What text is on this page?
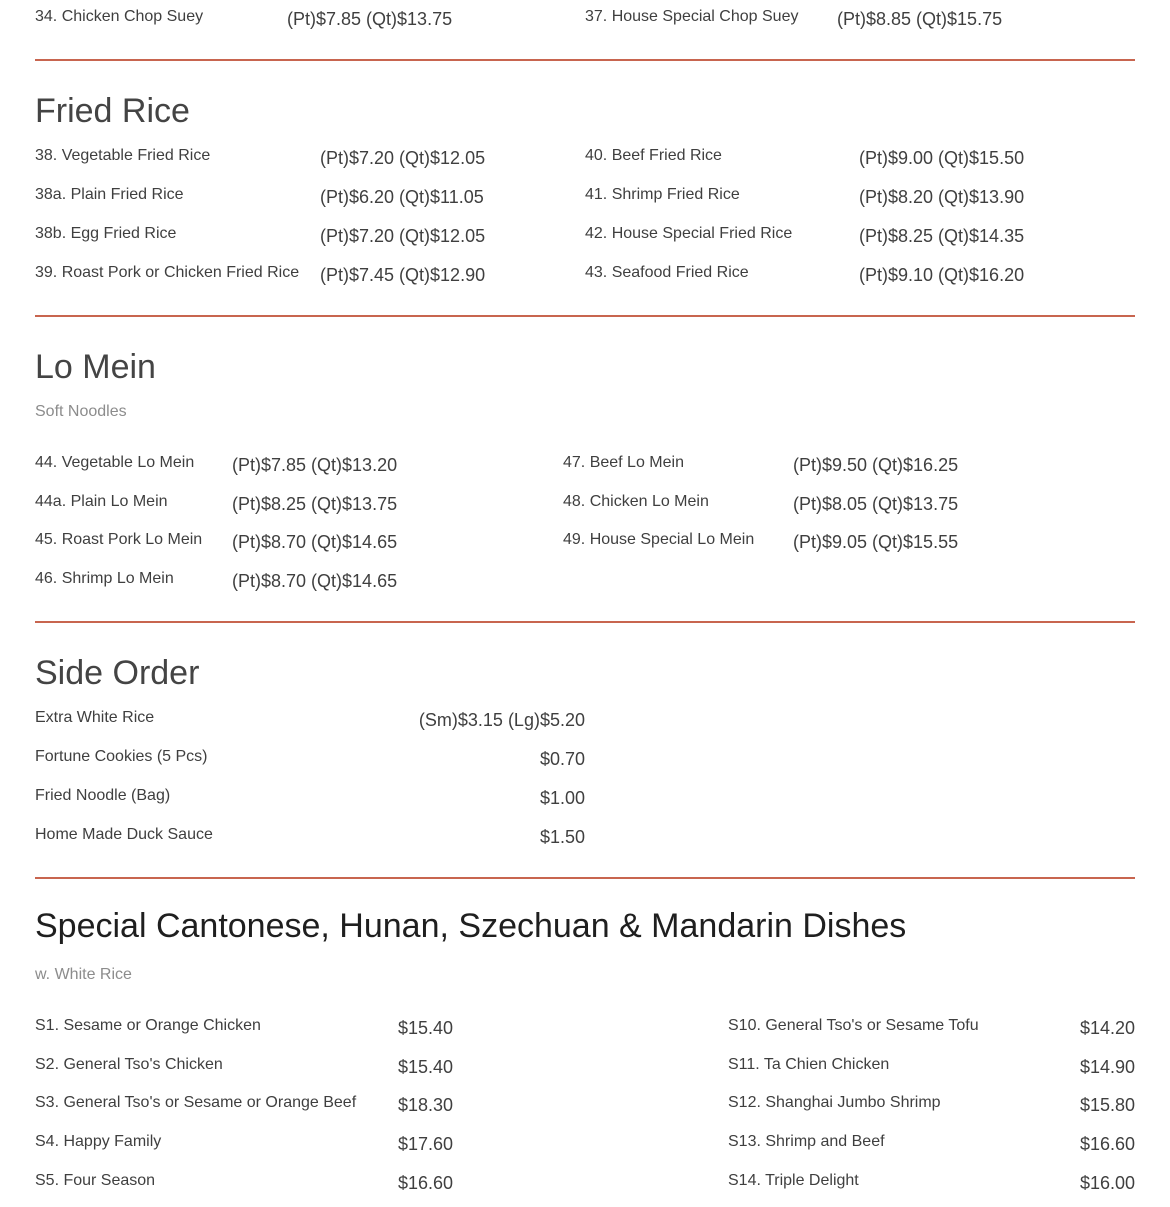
34. Chicken Chop Suey	(Pt)$7.85 (Qt)$13.75	37. House Special Chop Suey (Pt)$8.85 (Qt)$15.75
Fried Rice
38. Vegetable Fried Rice	(Pt)$7.20 (Qt)$12.05
38a. Plain Fried Rice	(Pt)$6.20 (Qt)$11.05
38b. Egg Fried Rice	(Pt)$7.20 (Qt)$12.05
39. Roast Pork or Chicken Fried Rice (Pt)$7.45 (Qt)$12.90
40. Beef Fried Rice	(Pt)$9.00 (Qt)$15.50
41. Shrimp Fried Rice	(Pt)$8.20 (Qt)$13.90
42. House Special Fried Rice	(Pt)$8.25 (Qt)$14.35
43. Seafood Fried Rice	(Pt)$9.10 (Qt)$16.20
Lo Mein
Soft Noodles
44. Vegetable Lo Mein (Pt)$7.85 (Qt)$13.20
44a. Plain Lo Mein	(Pt)$8.25 (Qt)$13.75
45. Roast Pork Lo Mein (Pt)$8.70 (Qt)$14.65
46. Shrimp Lo Mein	(Pt)$8.70 (Qt)$14.65
47. Beef Lo Mein	(Pt)$9.50 (Qt)$16.25
48. Chicken Lo Mein	(Pt)$8.05 (Qt)$13.75
49. House Special Lo Mein (Pt)$9.05 (Qt)$15.55
Side Order
Extra White Rice	(Sm)$3.15 (Lg)$5.20
Fortune Cookies (5 Pcs)	$0.70
Fried Noodle (Bag)	$1.00
Home Made Duck Sauce	$1.50
Special Cantonese, Hunan, Szechuan & Mandarin Dishes
w. White Rice
S1. Sesame or Orange Chicken	$15.40
S2. General Tso's Chicken	$15.40
S3. General Tso's or Sesame or Orange Beef	$18.30
S4. Happy Family	$17.60
S5. Four Season	$16.60
S10. General Tso's or Sesame Tofu	$14.20
S11. Ta Chien Chicken	$14.90
S12. Shanghai Jumbo Shrimp	$15.80
S13. Shrimp and Beef	$16.60
S14. Triple Delight	$16.00
